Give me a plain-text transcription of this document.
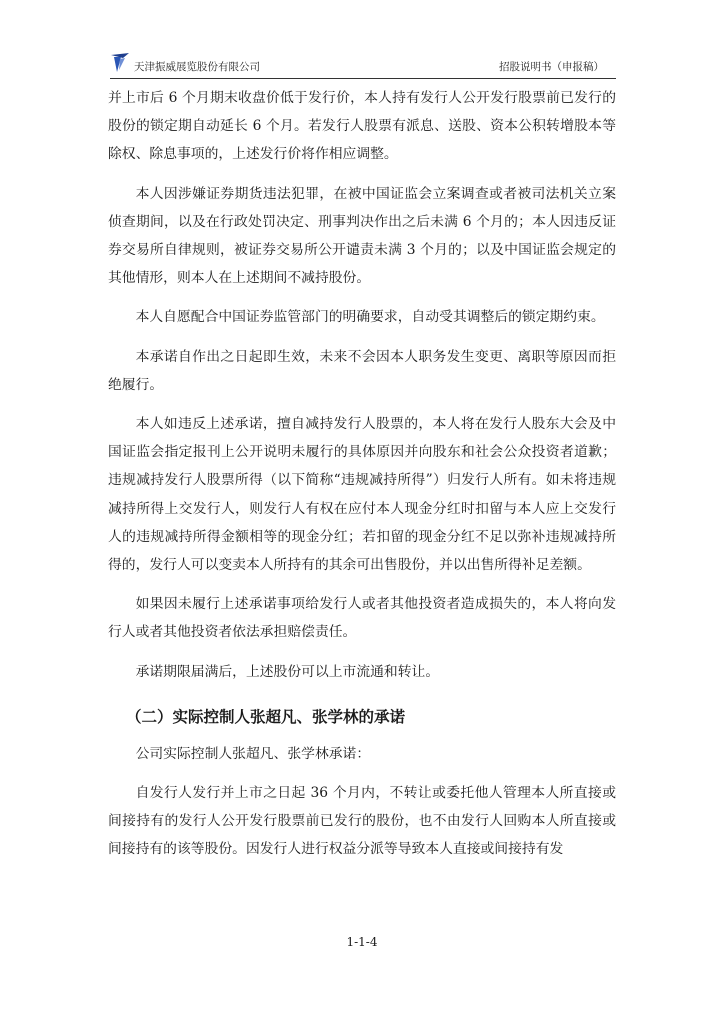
天津振威展览股份有限公司	招股说明书（申报稿）

并上市后 6 个月期末收盘价低于发行价，本人持有发行人公开发行股票前已发行的股份的锁定期自动延长 6 个月。若发行人股票有派息、送股、资本公积转增股本等除权、除息事项的，上述发行价将作相应调整。

本人因涉嫌证券期货违法犯罪，在被中国证监会立案调查或者被司法机关立案侦查期间，以及在行政处罚决定、刑事判决作出之后未满 6 个月的；本人因违反证券交易所自律规则，被证券交易所公开谴责未满 3 个月的；以及中国证监会规定的其他情形，则本人在上述期间不减持股份。

本人自愿配合中国证券监管部门的明确要求，自动受其调整后的锁定期约束。

本承诺自作出之日起即生效，未来不会因本人职务发生变更、离职等原因而拒绝履行。

本人如违反上述承诺，擅自减持发行人股票的，本人将在发行人股东大会及中国证监会指定报刊上公开说明未履行的具体原因并向股东和社会公众投资者道歉；违规减持发行人股票所得（以下简称“违规减持所得”）归发行人所有。如未将违规减持所得上交发行人，则发行人有权在应付本人现金分红时扣留与本人应上交发行人的违规减持所得金额相等的现金分红；若扣留的现金分红不足以弥补违规减持所得的，发行人可以变卖本人所持有的其余可出售股份，并以出售所得补足差额。

如果因未履行上述承诺事项给发行人或者其他投资者造成损失的，本人将向发行人或者其他投资者依法承担赔偿责任。

承诺期限届满后，上述股份可以上市流通和转让。

（二）实际控制人张超凡、张学林的承诺

公司实际控制人张超凡、张学林承诺：

自发行人发行并上市之日起 36 个月内，不转让或委托他人管理本人所直接或间接持有的发行人公开发行股票前已发行的股份，也不由发行人回购本人所直接或间接持有的该等股份。因发行人进行权益分派等导致本人直接或间接持有发

1-1-4
